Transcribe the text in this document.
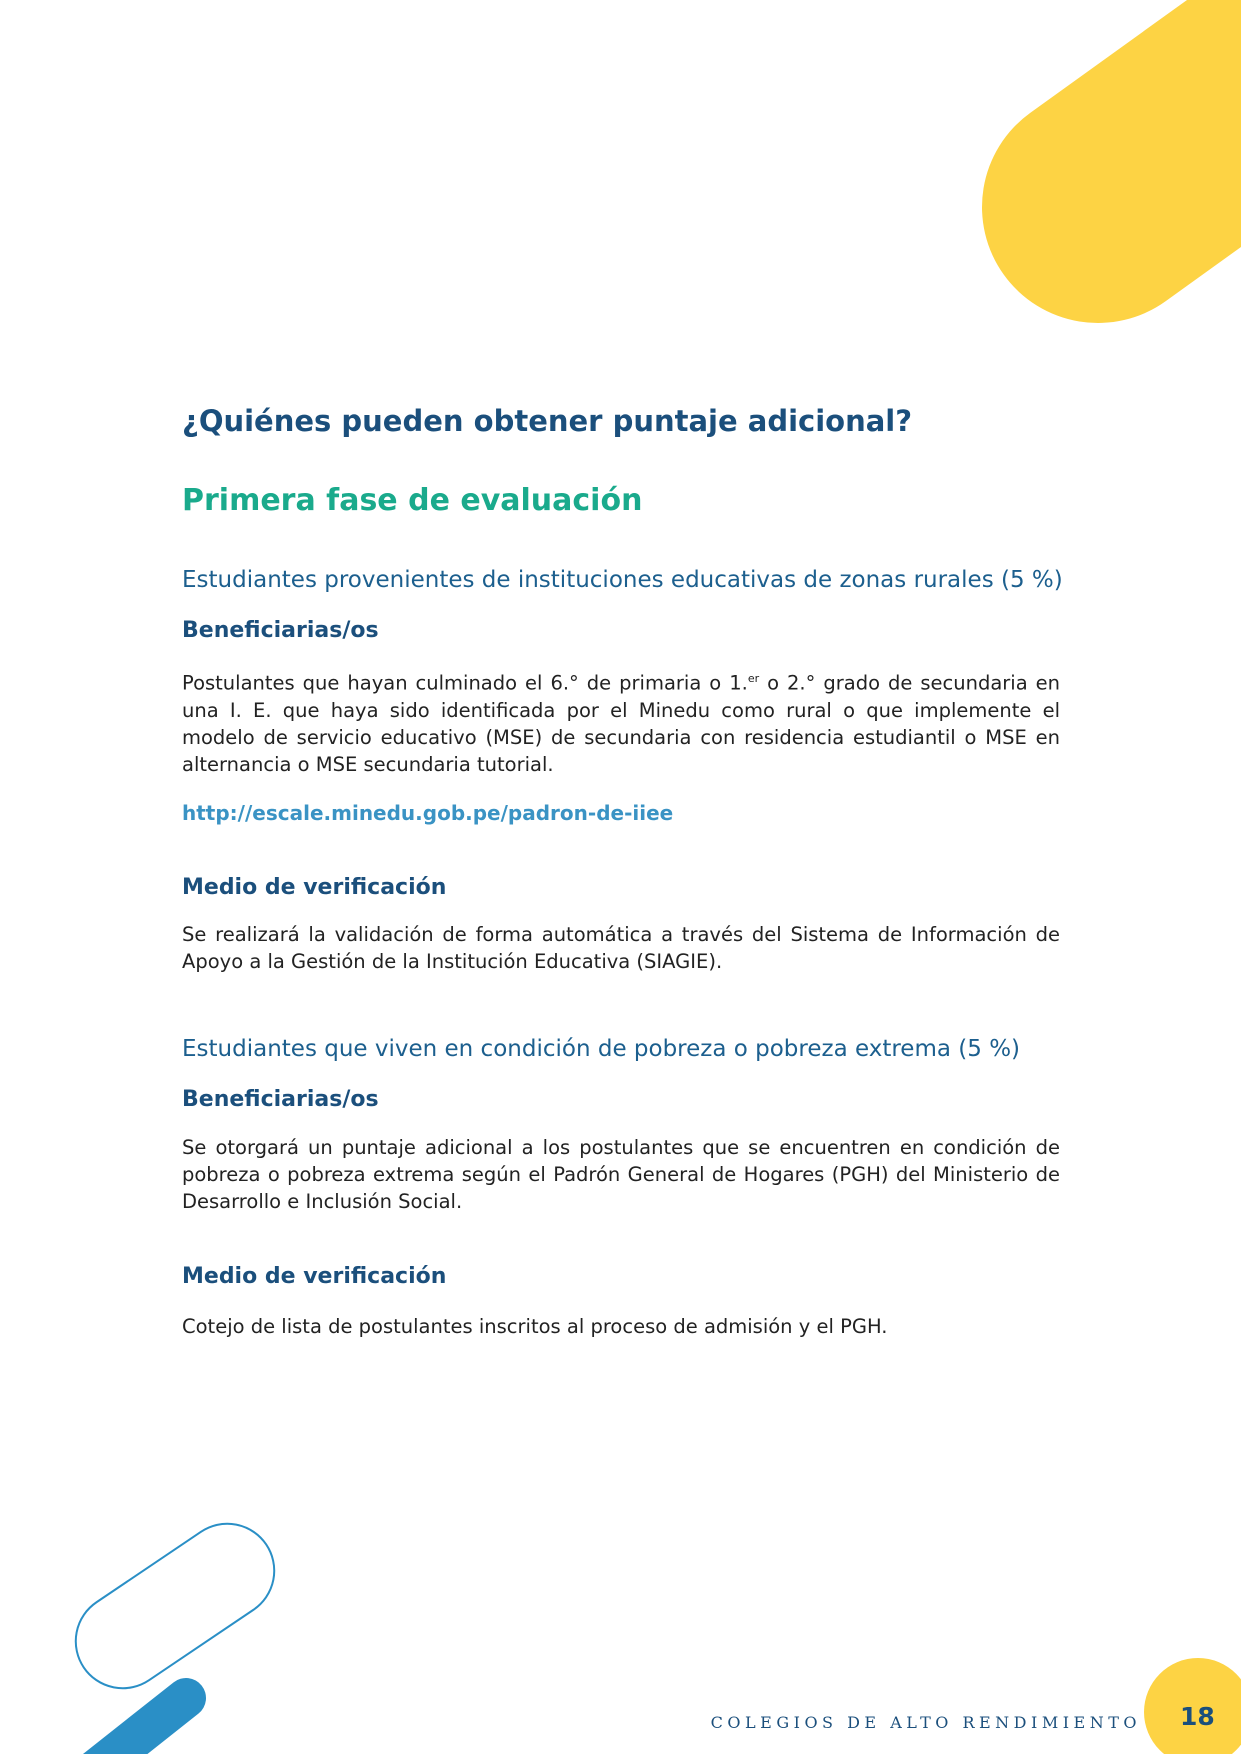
¿Quiénes pueden obtener puntaje adicional?
Primera fase de evaluación
Estudiantes provenientes de instituciones educativas de zonas rurales (5 %)
Beneficiarias/os

Postulantes que hayan culminado el 6.° de primaria o 1.$^{er}$ o 2.° grado de secundaria en una I. E. que haya sido identificada por el Minedu como rural o que implemente el modelo de servicio educativo (MSE) de secundaria con residencia estudiantil o MSE en alternancia o MSE secundaria tutorial.

http://escale.minedu.gob.pe/padron-de-iiee
Medio de verificación

Se realizará la validación de forma automática a través del Sistema de Información de Apoyo a la Gestión de la Institución Educativa (SIAGIE).

Estudiantes que viven en condición de pobreza o pobreza extrema (5 %)
Beneficiarias/os

Se otorgará un puntaje adicional a los postulantes que se encuentren en condición de pobreza o pobreza extrema según el Padrón General de Hogares (PGH) del Ministerio de Desarrollo e Inclusión Social.

Medio de verificación

Cotejo de lista de postulantes inscritos al proceso de admisión y el PGH.

COLEGIOS DE ALTO RENDIMIENTO 18
